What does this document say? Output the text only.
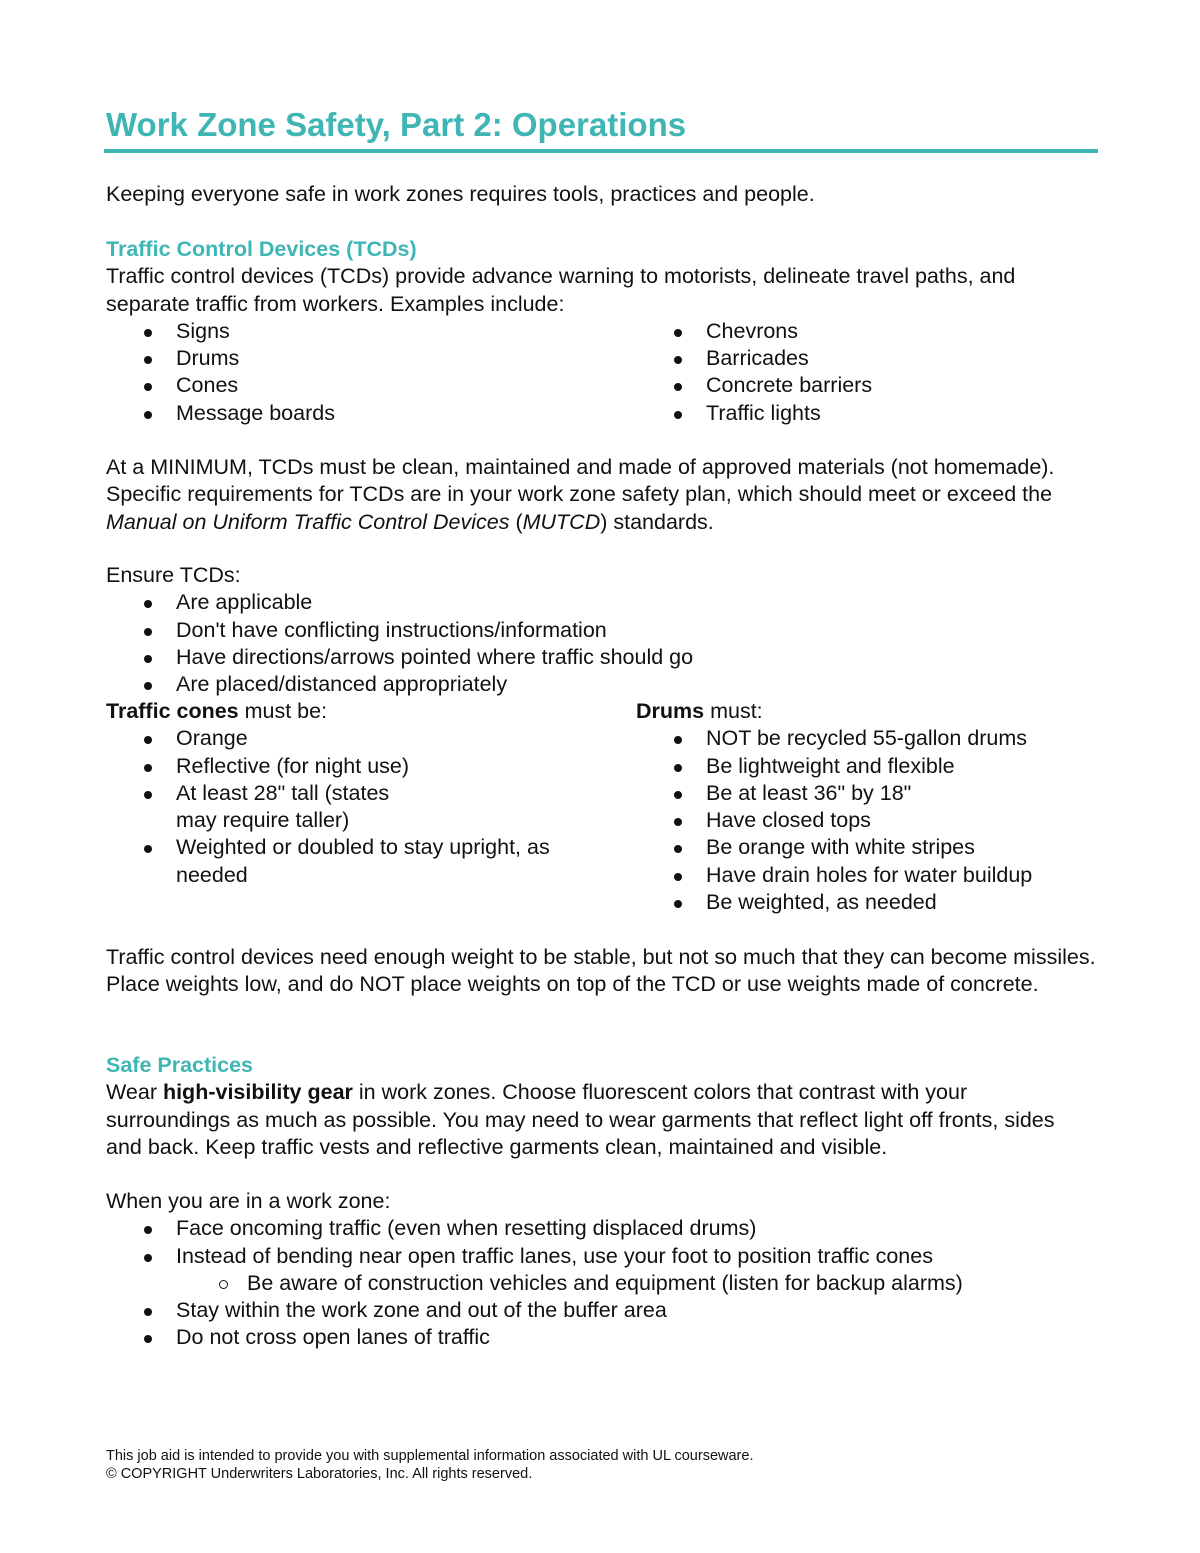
Work Zone Safety, Part 2: Operations

Keeping everyone safe in work zones requires tools, practices and people.

Traffic Control Devices (TCDs)

Traffic control devices (TCDs) provide advance warning to motorists, delineate travel paths, and separate traffic from workers. Examples include:

Signs
Drums
Cones
Message boards
Chevrons
Barricades
Concrete barriers
Traffic lights

At a MINIMUM, TCDs must be clean, maintained and made of approved materials (not homemade). Specific requirements for TCDs are in your work zone safety plan, which should meet or exceed the Manual on Uniform Traffic Control Devices (MUTCD) standards.

Ensure TCDs:

Are applicable
Don't have conflicting instructions/information
Have directions/arrows pointed where traffic should go
Are placed/distanced appropriately

Traffic cones must be:

Orange
Reflective (for night use)
At least 28" tall (states may require taller)
Weighted or doubled to stay upright, as needed

Drums must:

NOT be recycled 55-gallon drums
Be lightweight and flexible
Be at least 36" by 18"
Have closed tops
Be orange with white stripes
Have drain holes for water buildup
Be weighted, as needed

Traffic control devices need enough weight to be stable, but not so much that they can become missiles. Place weights low, and do NOT place weights on top of the TCD or use weights made of concrete.

Safe Practices

Wear high-visibility gear in work zones. Choose fluorescent colors that contrast with your surroundings as much as possible. You may need to wear garments that reflect light off fronts, sides and back. Keep traffic vests and reflective garments clean, maintained and visible.

When you are in a work zone:

Face oncoming traffic (even when resetting displaced drums)
Instead of bending near open traffic lanes, use your foot to position traffic cones
Be aware of construction vehicles and equipment (listen for backup alarms)
Stay within the work zone and out of the buffer area
Do not cross open lanes of traffic
This job aid is intended to provide you with supplemental information associated with UL courseware.
© COPYRIGHT Underwriters Laboratories, Inc. All rights reserved.
